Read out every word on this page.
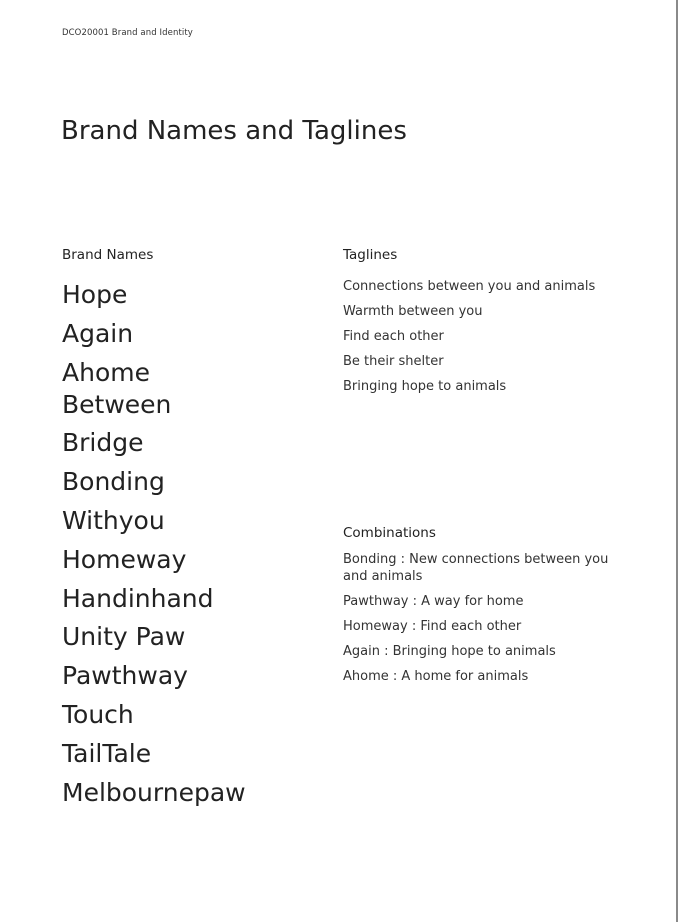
DCO20001 Brand and Identity
Brand Names and Taglines
Brand Names
Hope
Again
Ahome Between
Bridge
Bonding
Withyou
Homeway
Handinhand
Unity Paw
Pawthway
Touch
TailTale
Melbournepaw
Taglines
Connections between you and animals
Warmth between you
Find each other
Be their shelter
Bringing hope to animals
Combinations
Bonding : New connections between you and animals
Pawthway : A way for home
Homeway : Find each other
Again : Bringing hope to animals
Ahome : A home for animals
